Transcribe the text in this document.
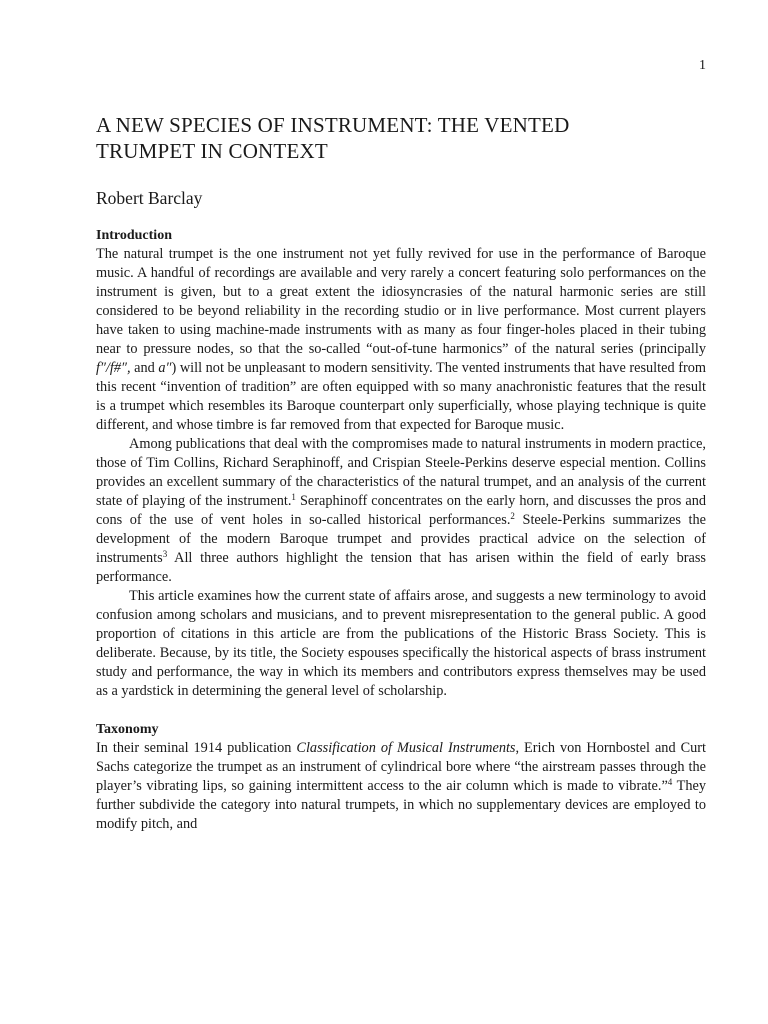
1
A NEW SPECIES OF INSTRUMENT: THE VENTED
TRUMPET IN CONTEXT
Robert Barclay
Introduction

The natural trumpet is the one instrument not yet fully revived for use in the performance of Baroque music. A handful of recordings are available and very rarely a concert featuring solo performances on the instrument is given, but to a great extent the idiosyncrasies of the natural harmonic series are still considered to be beyond reliability in the recording studio or in live performance. Most current players have taken to using machine-made instruments with as many as four finger-holes placed in their tubing near to pressure nodes, so that the so-called “out-of-tune harmonics” of the natural series (principally f″/f#″, and a″) will not be unpleasant to modern sensitivity. The vented instruments that have resulted from this recent “invention of tradition” are often equipped with so many anachronistic features that the result is a trumpet which resembles its Baroque counterpart only superficially, whose playing technique is quite different, and whose timbre is far removed from that expected for Baroque music.

Among publications that deal with the compromises made to natural instruments in modern practice, those of Tim Collins, Richard Seraphinoff, and Crispian Steele-Perkins deserve especial mention. Collins provides an excellent summary of the characteristics of the natural trumpet, and an analysis of the current state of playing of the instrument.$^1$ Seraphinoff concentrates on the early horn, and discusses the pros and cons of the use of vent holes in so-called historical performances.$^2$ Steele-Perkins summarizes the development of the modern Baroque trumpet and provides practical advice on the selection of instruments$^3$ All three authors highlight the tension that has arisen within the field of early brass performance.

This article examines how the current state of affairs arose, and suggests a new terminology to avoid confusion among scholars and musicians, and to prevent misrepresentation to the general public. A good proportion of citations in this article are from the publications of the Historic Brass Society. This is deliberate. Because, by its title, the Society espouses specifically the historical aspects of brass instrument study and performance, the way in which its members and contributors express themselves may be used as a yardstick in determining the general level of scholarship.

Taxonomy

In their seminal 1914 publication Classification of Musical Instruments, Erich von Hornbostel and Curt Sachs categorize the trumpet as an instrument of cylindrical bore where “the airstream passes through the player’s vibrating lips, so gaining intermittent access to the air column which is made to vibrate.”$^4$ They further subdivide the category into natural trumpets, in which no supplementary devices are employed to modify pitch, and
